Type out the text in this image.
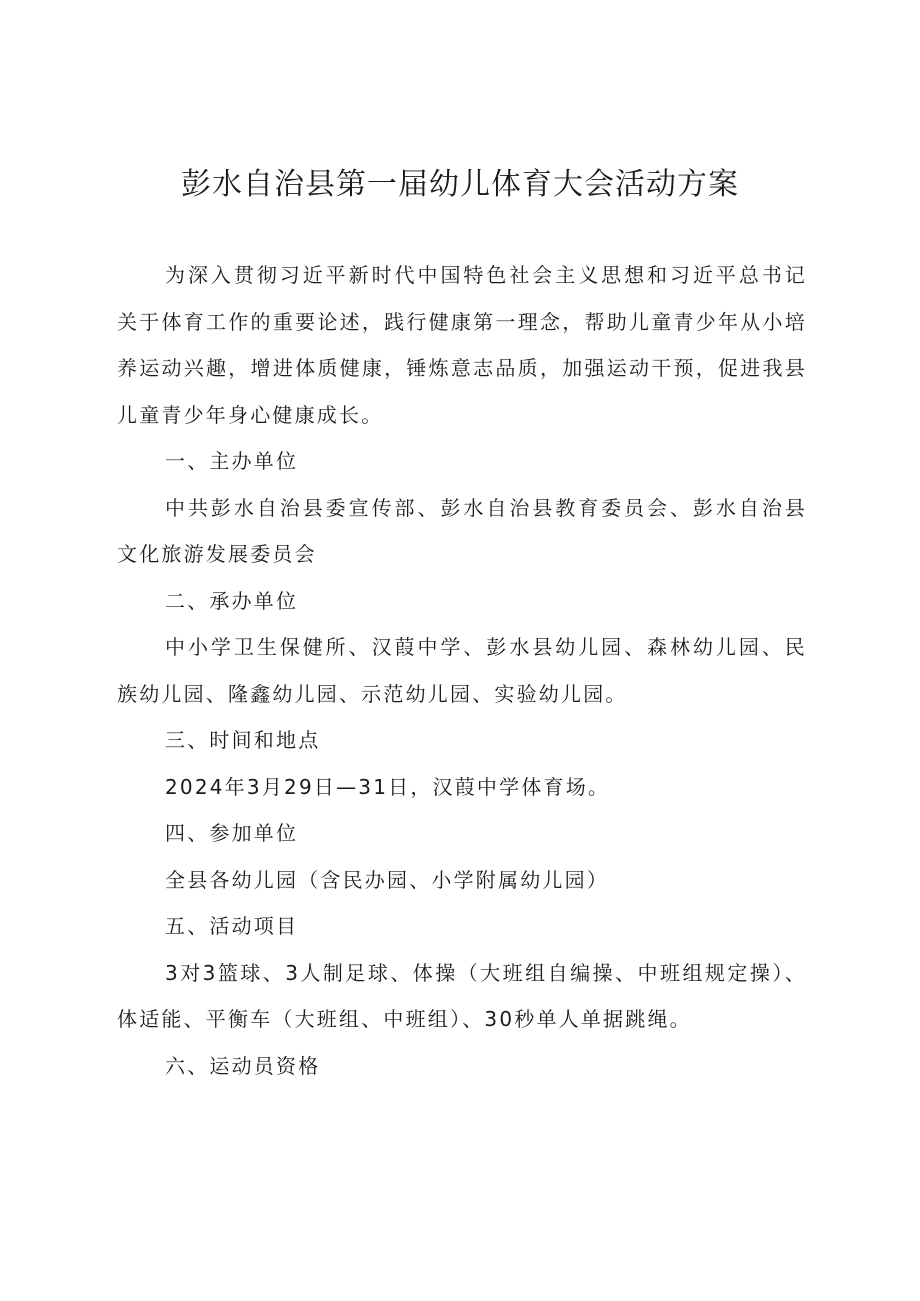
彭水自治县第一届幼儿体育大会活动方案

为深入贯彻习近平新时代中国特色社会主义思想和习近平总书记关于体育工作的重要论述，践行健康第一理念，帮助儿童青少年从小培养运动兴趣，增进体质健康，锤炼意志品质，加强运动干预，促进我县儿童青少年身心健康成长。

一、主办单位

中共彭水自治县委宣传部、彭水自治县教育委员会、彭水自治县文化旅游发展委员会

二、承办单位

中小学卫生保健所、汉葭中学、彭水县幼儿园、森林幼儿园、民族幼儿园、隆鑫幼儿园、示范幼儿园、实验幼儿园。

三、时间和地点

2024年3月29日—31日，汉葭中学体育场。

四、参加单位

全县各幼儿园（含民办园、小学附属幼儿园）

五、活动项目

3对3篮球、3人制足球、体操（大班组自编操、中班组规定操）、体适能、平衡车（大班组、中班组）、30秒单人单据跳绳。

六、运动员资格
